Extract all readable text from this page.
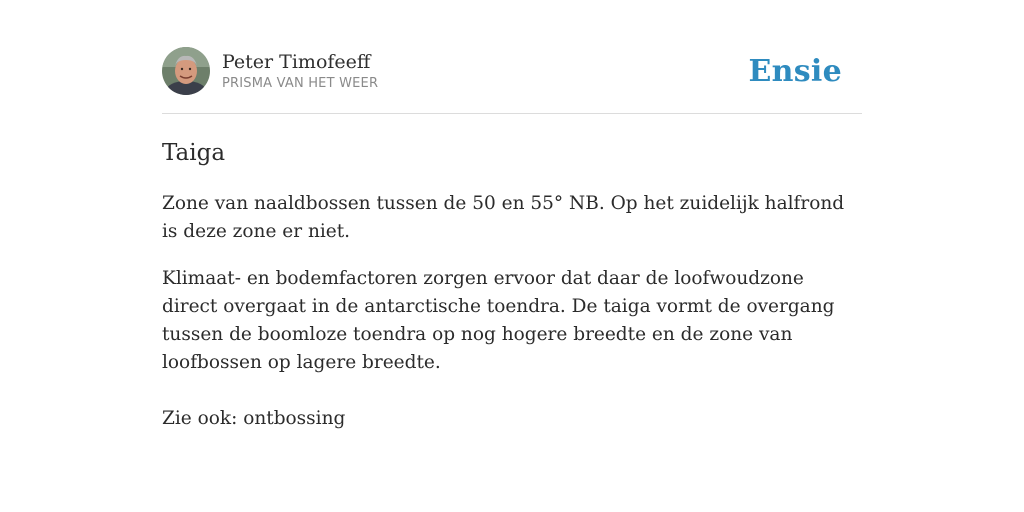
Peter Timofeeff
PRISMA VAN HET WEER	Ensie
Taiga

Zone van naaldbossen tussen de 50 en 55° NB. Op het zuidelijk halfrond is deze zone er niet.

Klimaat- en bodemfactoren zorgen ervoor dat daar de loofwoudzone direct overgaat in de antarctische toendra. De taiga vormt de overgang tussen de boomloze toendra op nog hogere breedte en de zone van loofbossen op lagere breedte.

Zie ook: ontbossing
